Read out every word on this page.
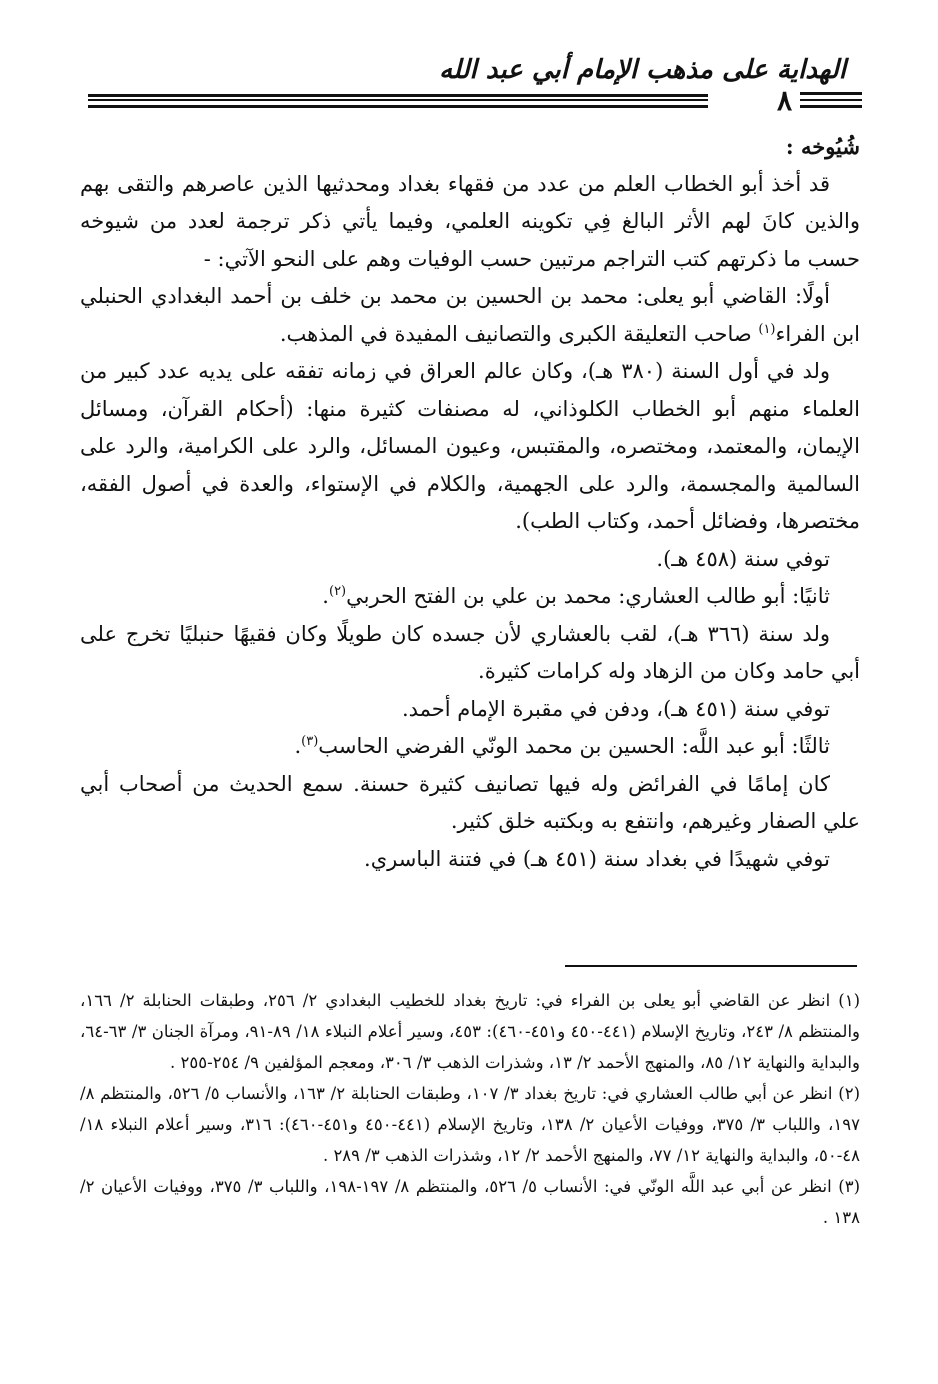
الهداية على مذهب الإمام أبي عبد الله
٨

شُيُوخه :

قد أخذ أبو الخطاب العلم من عدد من فقهاء بغداد ومحدثيها الذين عاصرهم والتقى بهم والذين كانَ لهم الأثر البالغ فِي تكوينه العلمي، وفيما يأتي ذكر ترجمة لعدد من شيوخه حسب ما ذكرتهم كتب التراجم مرتبين حسب الوفيات وهم على النحو الآتي: -

أولًا: القاضي أبو يعلى: محمد بن الحسين بن محمد بن خلف بن أحمد البغدادي الحنبلي ابن الفراء$^{(١)}$ صاحب التعليقة الكبرى والتصانيف المفيدة في المذهب.

ولد في أول السنة (٣٨٠ هـ)، وكان عالم العراق في زمانه تفقه على يديه عدد كبير من العلماء منهم أبو الخطاب الكلوذاني، له مصنفات كثيرة منها: (أحكام القرآن، ومسائل الإيمان، والمعتمد، ومختصره، والمقتبس، وعيون المسائل، والرد على الكرامية، والرد على السالمية والمجسمة، والرد على الجهمية، والكلام في الإستواء، والعدة في أصول الفقه، مختصرها، وفضائل أحمد، وكتاب الطب).

توفي سنة (٤٥٨ هـ).

ثانيًا: أبو طالب العشاري: محمد بن علي بن الفتح الحربي$^{(٢)}$.

ولد سنة (٣٦٦ هـ)، لقب بالعشاري لأن جسده كان طويلًا وكان فقيهًا حنبليًا تخرج على أبي حامد وكان من الزهاد وله كرامات كثيرة.

توفي سنة (٤٥١ هـ)، ودفن في مقبرة الإمام أحمد.

ثالثًا: أبو عبد اللَّه: الحسين بن محمد الونّي الفرضي الحاسب$^{(٣)}$.

كان إمامًا في الفرائض وله فيها تصانيف كثيرة حسنة. سمع الحديث من أصحاب أبي علي الصفار وغيرهم، وانتفع به وبكتبه خلق كثير.

توفي شهيدًا في بغداد سنة (٤٥١ هـ) في فتنة الباسري.

(١) انظر عن القاضي أبو يعلى بن الفراء في: تاريخ بغداد للخطيب البغدادي ٢/ ٢٥٦، وطبقات الحنابلة ٢/ ١٦٦، والمنتظم ٨/ ٢٤٣، وتاريخ الإسلام (٤٤١-٤٥٠ و٤٥١-٤٦٠): ٤٥٣، وسير أعلام النبلاء ١٨/ ٨٩-٩١، ومرآة الجنان ٣/ ٦٣-٦٤، والبداية والنهاية ١٢/ ٨٥، والمنهج الأحمد ٢/ ١٣، وشذرات الذهب ٣/ ٣٠٦، ومعجم المؤلفين ٩/ ٢٥٤-٢٥٥ .

(٢) انظر عن أبي طالب العشاري في: تاريخ بغداد ٣/ ١٠٧، وطبقات الحنابلة ٢/ ١٦٣، والأنساب ٥/ ٥٢٦، والمنتظم ٨/ ١٩٧، واللباب ٣/ ٣٧٥، ووفيات الأعيان ٢/ ١٣٨، وتاريخ الإسلام (٤٤١-٤٥٠ و٤٥١-٤٦٠): ٣١٦، وسير أعلام النبلاء ١٨/ ٤٨-٥٠، والبداية والنهاية ١٢/ ٧٧، والمنهج الأحمد ٢/ ١٢، وشذرات الذهب ٣/ ٢٨٩ .

(٣) انظر عن أبي عبد اللَّه الونّي في: الأنساب ٥/ ٥٢٦، والمنتظم ٨/ ١٩٧-١٩٨، واللباب ٣/ ٣٧٥، ووفيات الأعيان ٢/ ١٣٨ .
